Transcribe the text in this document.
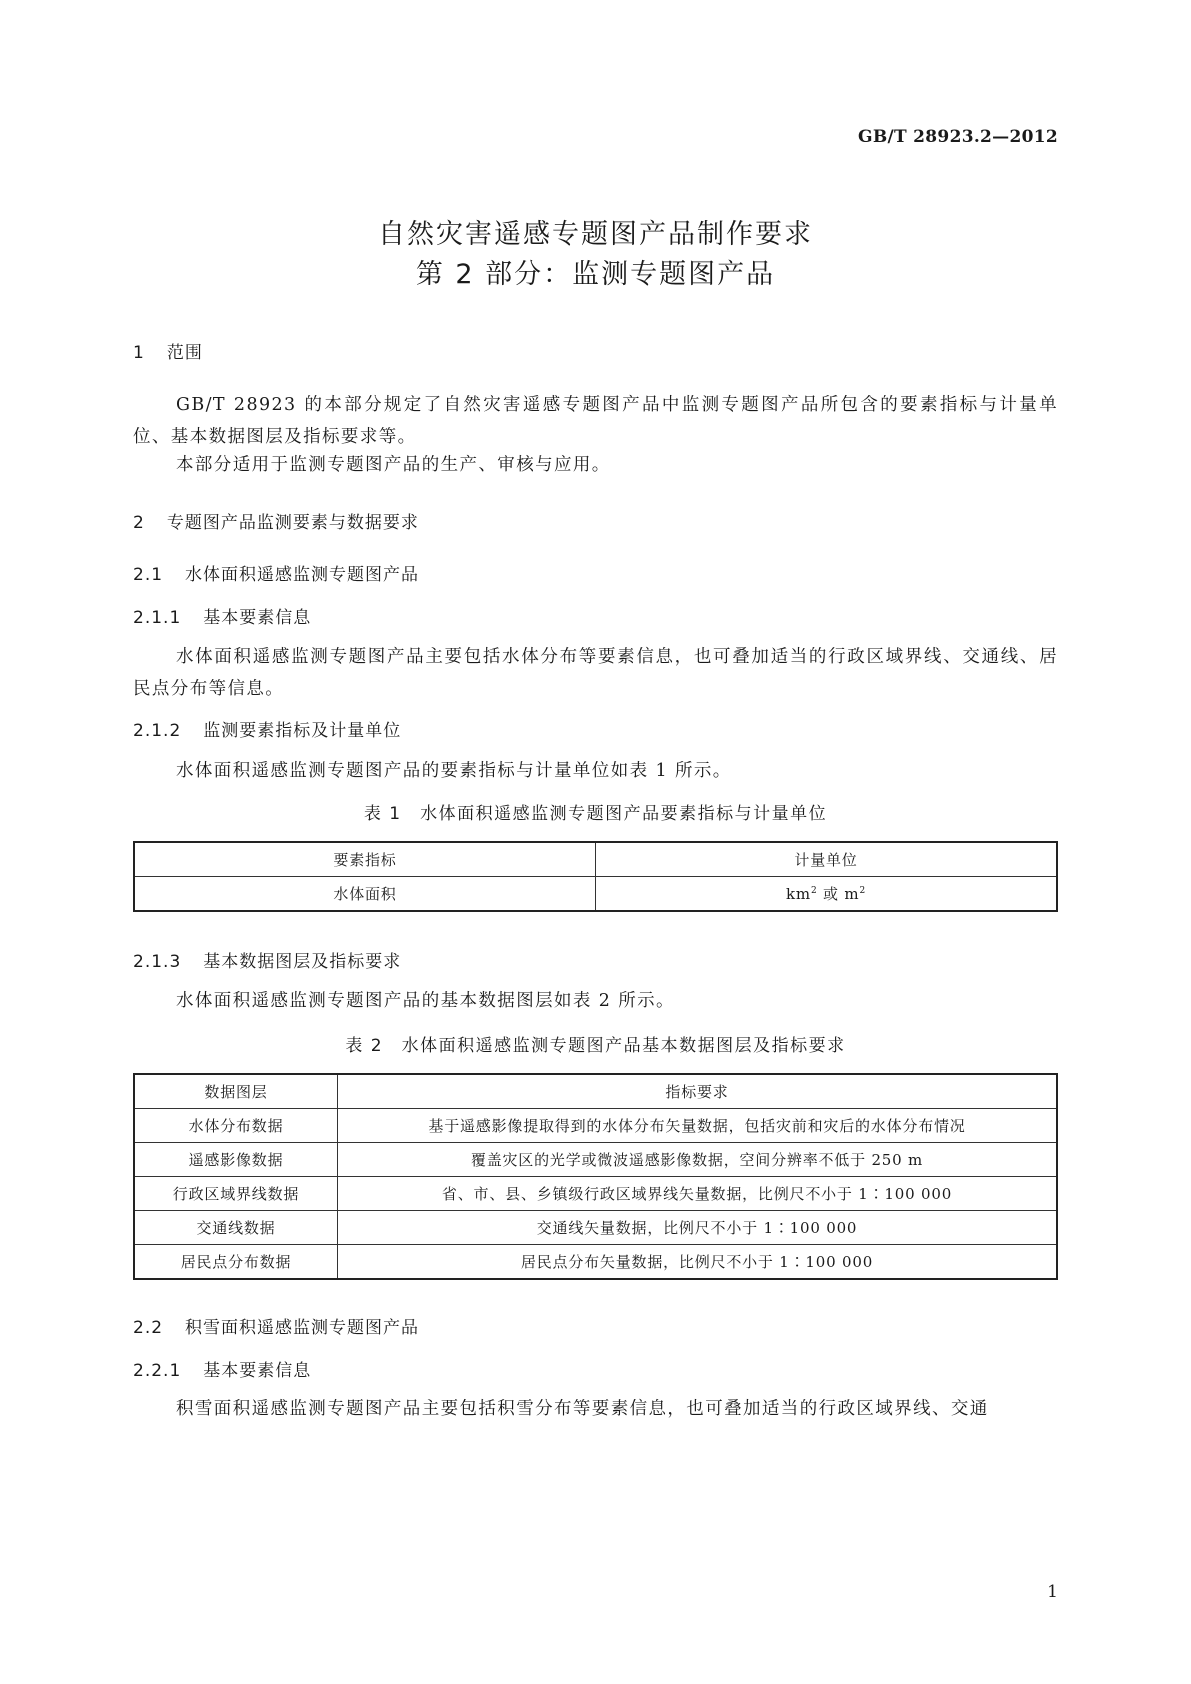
GB/T 28923.2—2012
自然灾害遥感专题图产品制作要求
第 2 部分：监测专题图产品
1 范围
GB/T 28923 的本部分规定了自然灾害遥感专题图产品中监测专题图产品所包含的要素指标与计量单位、基本数据图层及指标要求等。
本部分适用于监测专题图产品的生产、审核与应用。
2 专题图产品监测要素与数据要求
2.1 水体面积遥感监测专题图产品
2.1.1 基本要素信息
水体面积遥感监测专题图产品主要包括水体分布等要素信息，也可叠加适当的行政区域界线、交通线、居民点分布等信息。
2.1.2 监测要素指标及计量单位
水体面积遥感监测专题图产品的要素指标与计量单位如表 1 所示。
表 1　水体面积遥感监测专题图产品要素指标与计量单位
要素指标	计量单位
水体面积	$km^2$ 或 $m^2$
2.1.3 基本数据图层及指标要求
水体面积遥感监测专题图产品的基本数据图层如表 2 所示。
表 2　水体面积遥感监测专题图产品基本数据图层及指标要求
数据图层	指标要求
水体分布数据	基于遥感影像提取得到的水体分布矢量数据，包括灾前和灾后的水体分布情况
遥感影像数据	覆盖灾区的光学或微波遥感影像数据，空间分辨率不低于 250 m
行政区域界线数据	省、市、县、乡镇级行政区域界线矢量数据，比例尺不小于 1∶100 000
交通线数据	交通线矢量数据，比例尺不小于 1∶100 000
居民点分布数据	居民点分布矢量数据，比例尺不小于 1∶100 000
2.2 积雪面积遥感监测专题图产品
2.2.1 基本要素信息
积雪面积遥感监测专题图产品主要包括积雪分布等要素信息，也可叠加适当的行政区域界线、交通
1
